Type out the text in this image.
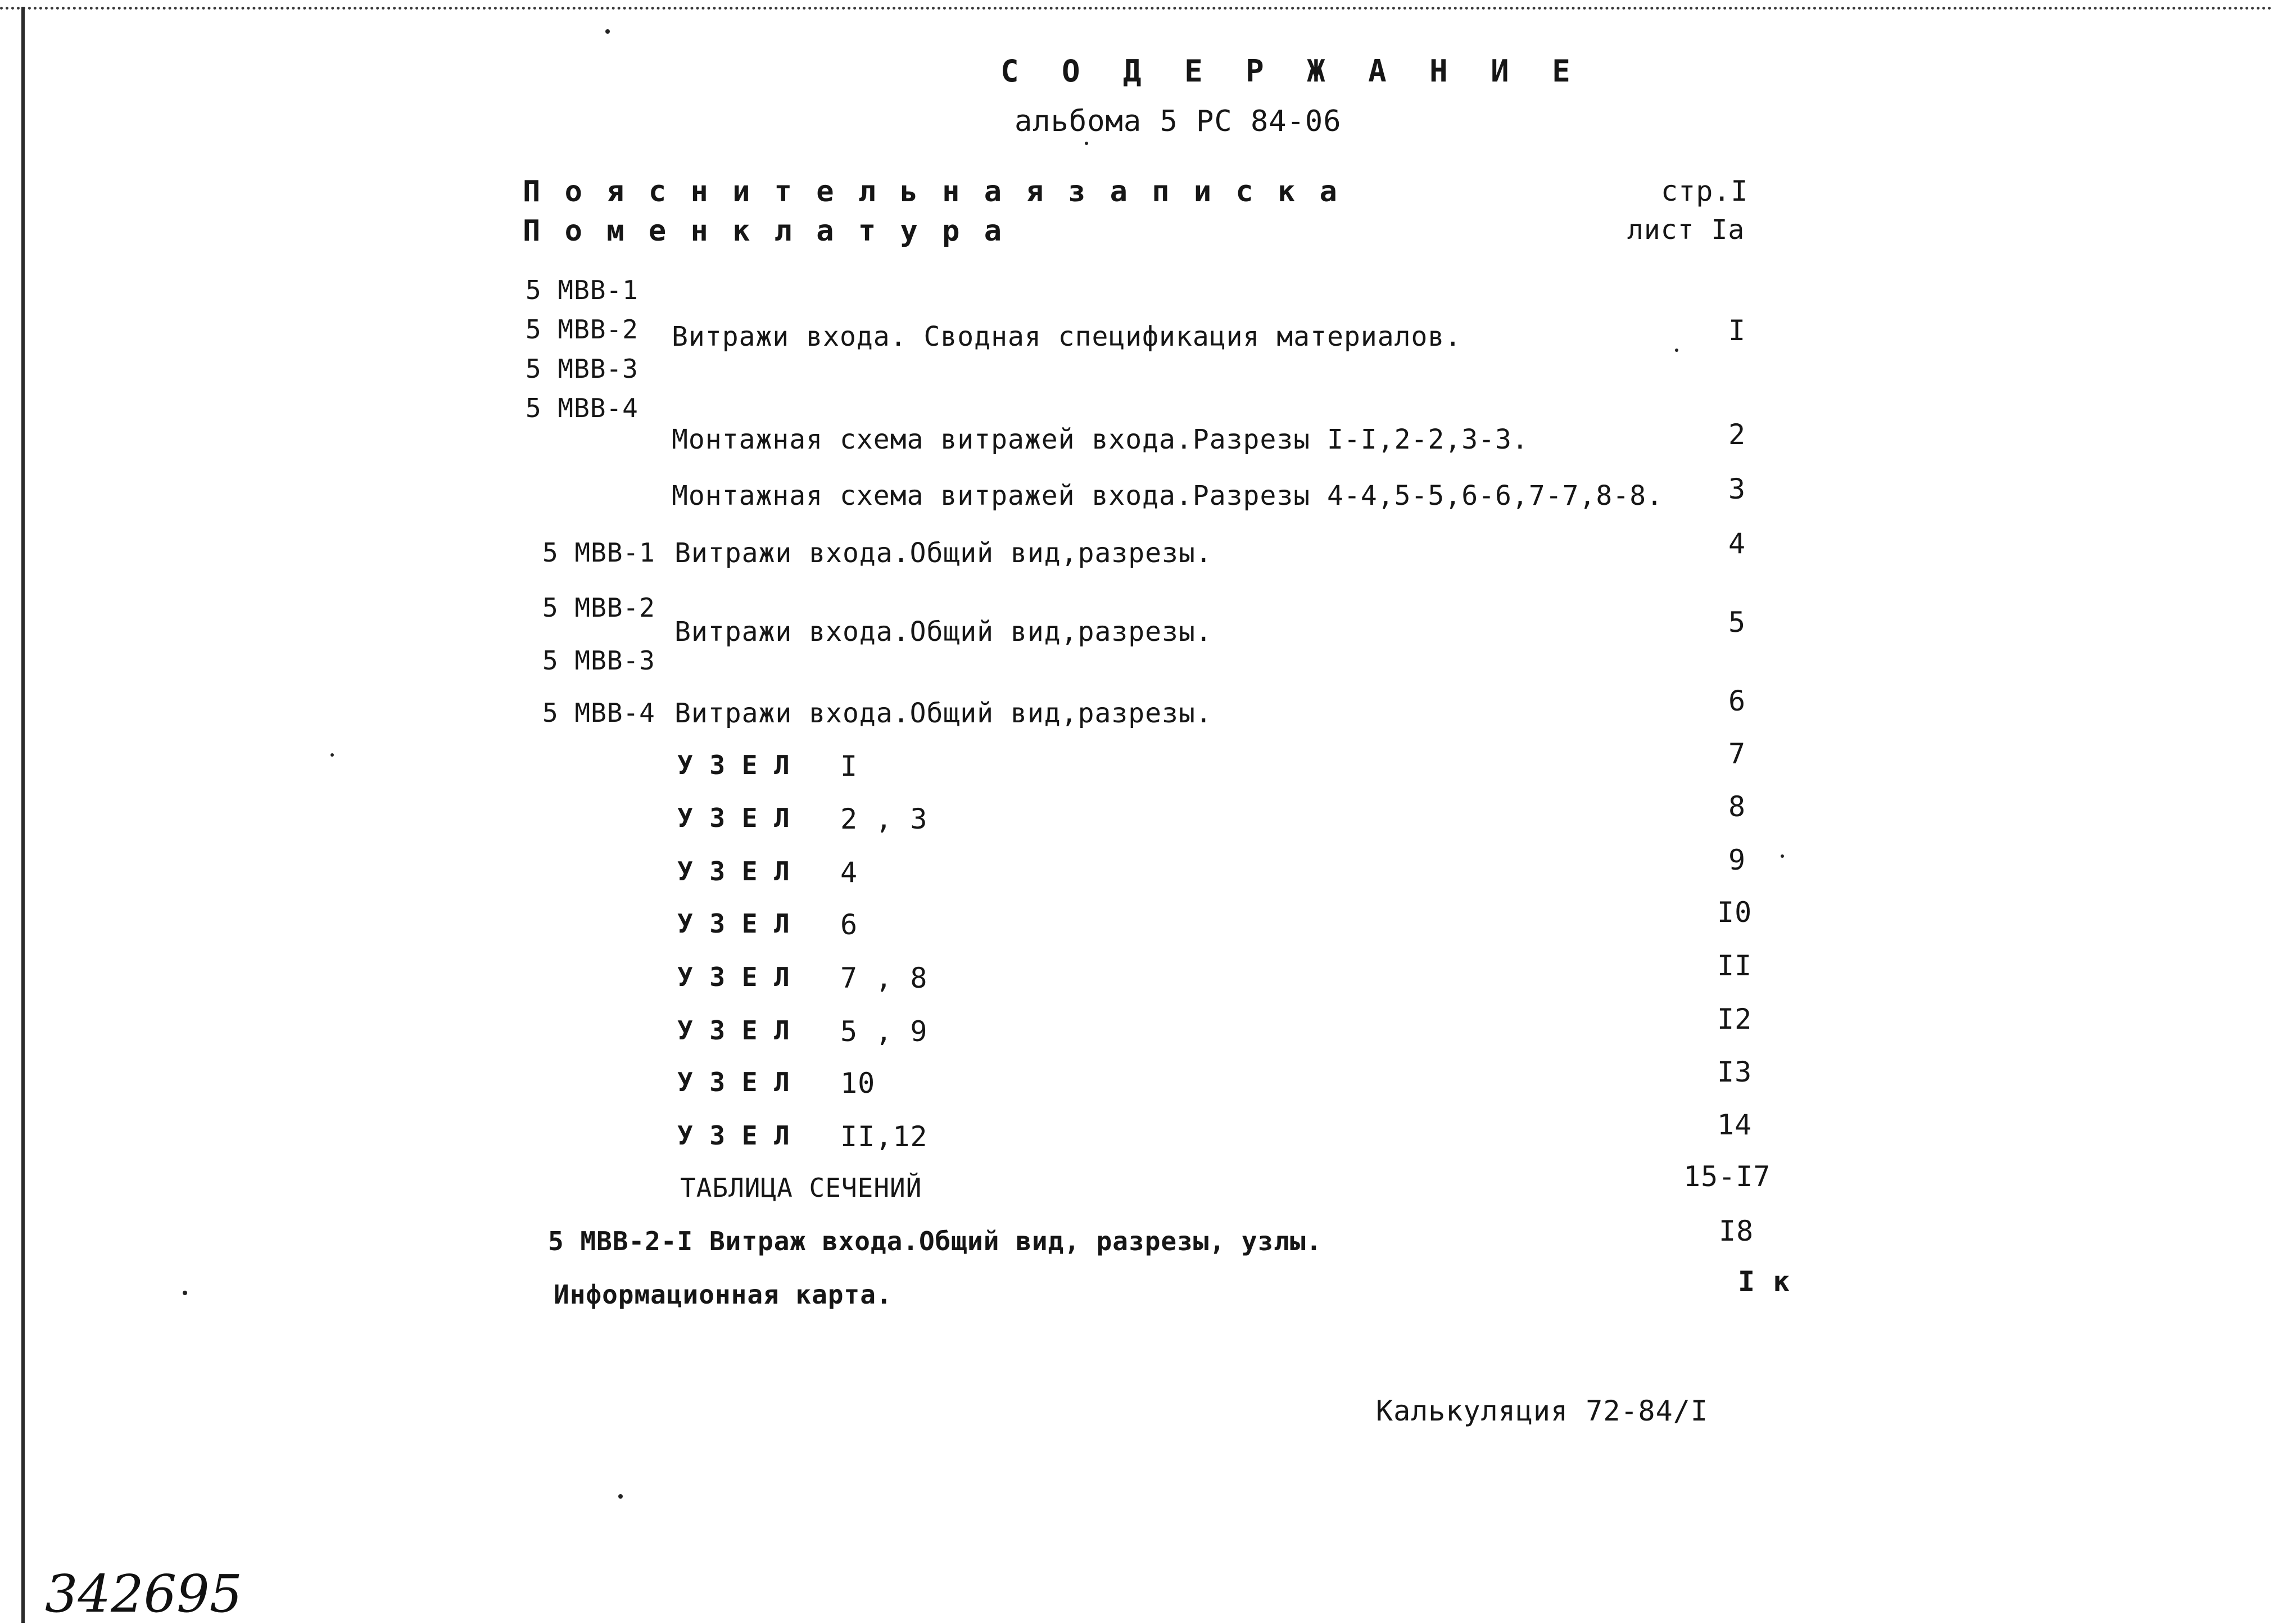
С О Д Е Р Ж А Н И Е
альбома 5 РС 84-06
П о я с н и т е л ь н а я з а п и с к а	стр.I
П о м е н к л а т у р а	лист Iа
5 МВВ-1
5 МВВ-2
5 МВВ-3
5 МВВ-4
Витражи входа. Сводная спецификация материалов.	I
Монтажная схема витражей входа.Разрезы I-I,2-2,3-3.	2
Монтажная схема витражей входа.Разрезы 4-4,5-5,6-6,7-7,8-8. 3
5 МВВ-1 Витражи входа.Общий вид,разрезы.	4
5 МВВ-2
5 МВВ-3
Витражи входа.Общий вид,разрезы.	5
5 МВВ-4 Витражи входа.Общий вид,разрезы.	6
У З Е Л I	7
У З Е Л 2 , 3	8
У З Е Л 4	9
У З Е Л 6	I0
У З Е Л 7 , 8	II
У З Е Л 5 , 9	I2
У З Е Л 10	I3
У З Е Л II,12	14
ТАБЛИЦА СЕЧЕНИЙ	15-I7
5 МВВ-2-I Витраж входа.Общий вид, разрезы, узлы.	I8
Информационная карта.	I к
Калькуляция 72-84/I
342695
